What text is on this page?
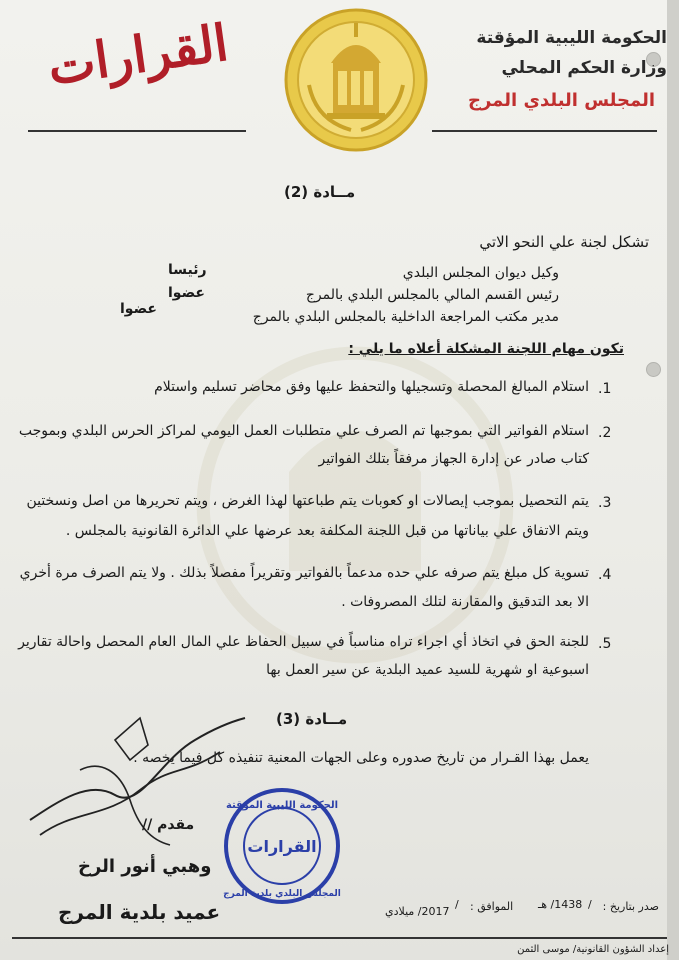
الحكومة الليبية المؤقتة
وزارة الحكم المحلي
المجلس البلدي المرج
القرارات
مــادة (2)
تشكل لجنة علي النحو الاتي
وكيل ديوان المجلس البلدي
رئيسا
رئيس القسم المالي بالمجلس البلدي بالمرج
عضوا
مدير مكتب المراجعة الداخلية بالمجلس البلدي بالمرج
عضوا
تكون مهام اللجنة المشكلة أعلاه ما يلي :
1.
استلام المبالغ المحصلة وتسجيلها والتحفظ عليها وفق محاضر تسليم واستلام
2.
استلام الفواتير التي بموجبها تم الصرف علي متطلبات العمل اليومي لمراكز الحرس البلدي وبموجب
كتاب صادر عن إدارة الجهاز مرفقاً بتلك الفواتير
3.
يتم التحصيل بموجب إيصالات او كعوبات يتم طباعتها لهذا الغرض ، ويتم تحريرها من اصل ونسختين
ويتم الاتفاق علي بياناتها من قبل اللجنة المكلفة بعد عرضها علي الدائرة القانونية بالمجلس .
4.
تسوية كل مبلغ يتم صرفه علي حده مدعماً بالفواتير وتقريراً مفصلاً بذلك . ولا يتم الصرف مرة أخري
الا بعد التدقيق والمقارنة لتلك المصروفات .
5.
للجنة الحق في اتخاذ أي اجراء تراه مناسباً في سبيل الحفاظ علي المال العام المحصل واحالة تقارير
اسبوعية او شهرية للسيد عميد البلدية عن سير العمل بها
مــادة (3)
يعمل بهذا القـرار من تاريخ صدوره وعلى الجهات المعنية تنفيذه كل فيما يخصه .
مقدم //
وهبي أنور الرخ
عميد بلدية المرج
الحكومة الليبية المؤقتة
القرارات
المجلس البلدي بلدية المرج
صدر بتاريخ :
/
1438/ هـ
الموافق :
/
2017/ ميلادي
إعداد الشؤون القانونية/ موسى الثمن
